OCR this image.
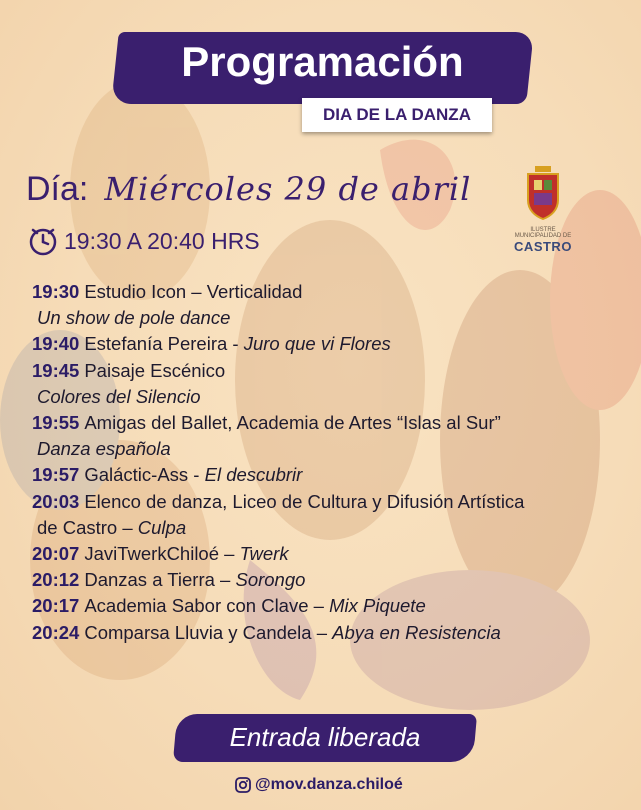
Programación
DIA DE LA DANZA
Día: Miércoles 29 de abril
19:30 A 20:40 HRS	ILUSTRE MUNICIPALIDAD DE
CASTRO
19:30 Estudio Icon – Verticalidad
Un show de pole dance
19:40 Estefanía Pereira - Juro que vi Flores
19:45 Paisaje Escénico
Colores del Silencio
19:55 Amigas del Ballet, Academia de Artes “Islas al Sur”
Danza española
19:57 Galáctic-Ass - El descubrir
20:03 Elenco de danza, Liceo de Cultura y Difusión Artística
de Castro – Culpa
20:07 JaviTwerkChiloé – Twerk
20:12 Danzas a Tierra – Sorongo
20:17 Academia Sabor con Clave – Mix Piquete
20:24 Comparsa Lluvia y Candela – Abya en Resistencia
Entrada liberada
@mov.danza.chiloé
